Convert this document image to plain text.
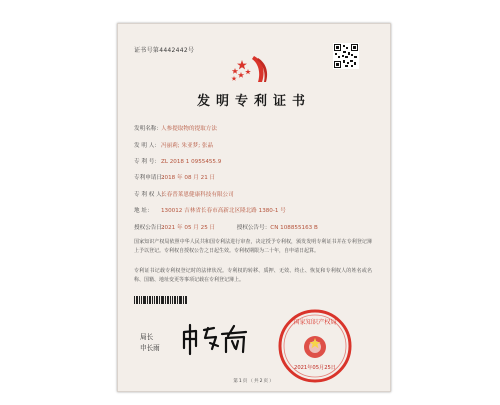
证书号第4442442号
发明专利证书
发明名称：人参提取物的提取方法
发 明 人：冯丽莉; 朱亚梦; 张晶
专 利 号：ZL 2018 1 0955455.9
专利申请日：2018 年 08 月 21 日
专 利 权 人：长春普莱恩健康科技有限公司
地 址： 130012 吉林省长春市高新北区隆北路 1380-1 号
授权公告日：2021 年 05 月 25 日	授权公告号：CN 108855163 B
国家知识产权局依照中华人民共和国专利法进行审查，决定授予专利权，颁发发明专利证书并在专利登记簿上予以登记。专利权自授权公告之日起生效。专利权期限为二十年，自申请日起算。
专利证书记载专利权登记时的法律状况。专利权的转移、质押、无效、终止、恢复和专利权人的姓名或名称、国籍、地址变更等事项记载在专利登记簿上。
局长
申长雨
国家知识产权局
2021年05月25日
第1页（共2页）
